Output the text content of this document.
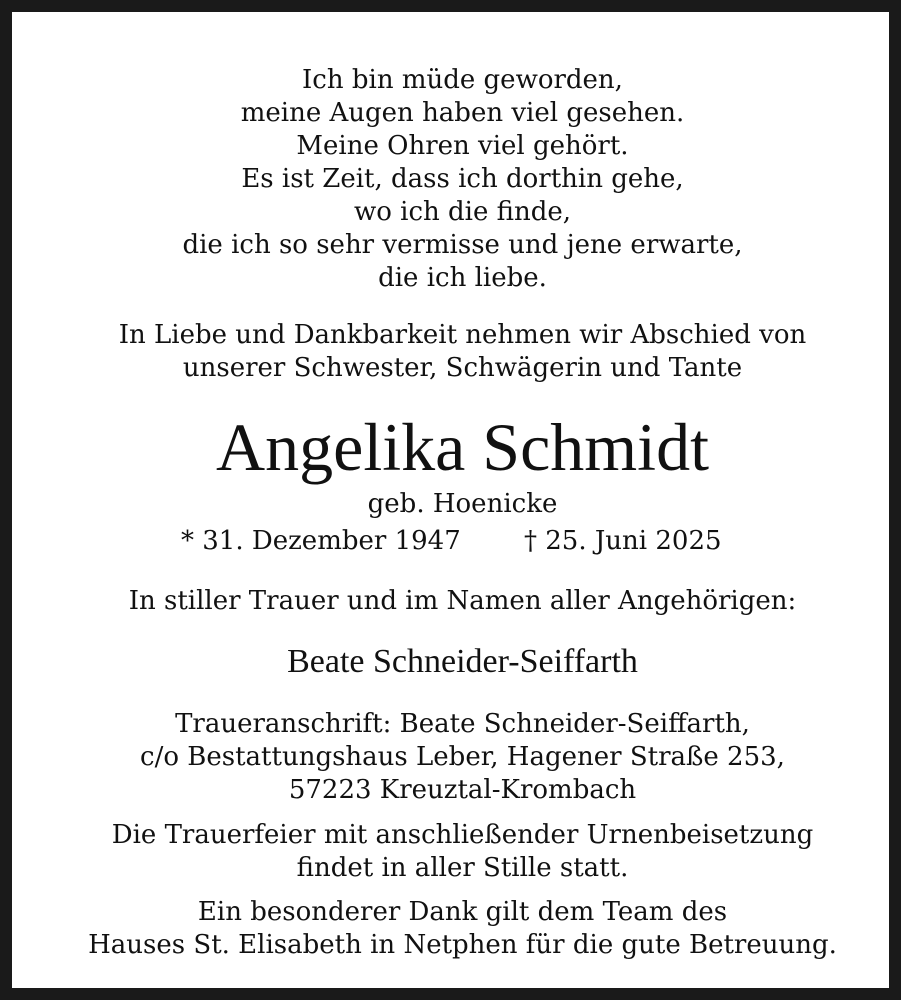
Ich bin müde geworden,
meine Augen haben viel gesehen.
Meine Ohren viel gehört.
Es ist Zeit, dass ich dorthin gehe,
wo ich die finde,
die ich so sehr vermisse und jene erwarte,
die ich liebe.
In Liebe und Dankbarkeit nehmen wir Abschied von
unserer Schwester, Schwägerin und Tante
Angelika Schmidt
geb. Hoenicke
* 31. Dezember 1947 † 25. Juni 2025
In stiller Trauer und im Namen aller Angehörigen:
Beate Schneider-Seiffarth
Traueranschrift: Beate Schneider-Seiffarth,
c/o Bestattungshaus Leber, Hagener Straße 253,
57223 Kreuztal-Krombach
Die Trauerfeier mit anschließender Urnenbeisetzung
findet in aller Stille statt.
Ein besonderer Dank gilt dem Team des
Hauses St. Elisabeth in Netphen für die gute Betreuung.
